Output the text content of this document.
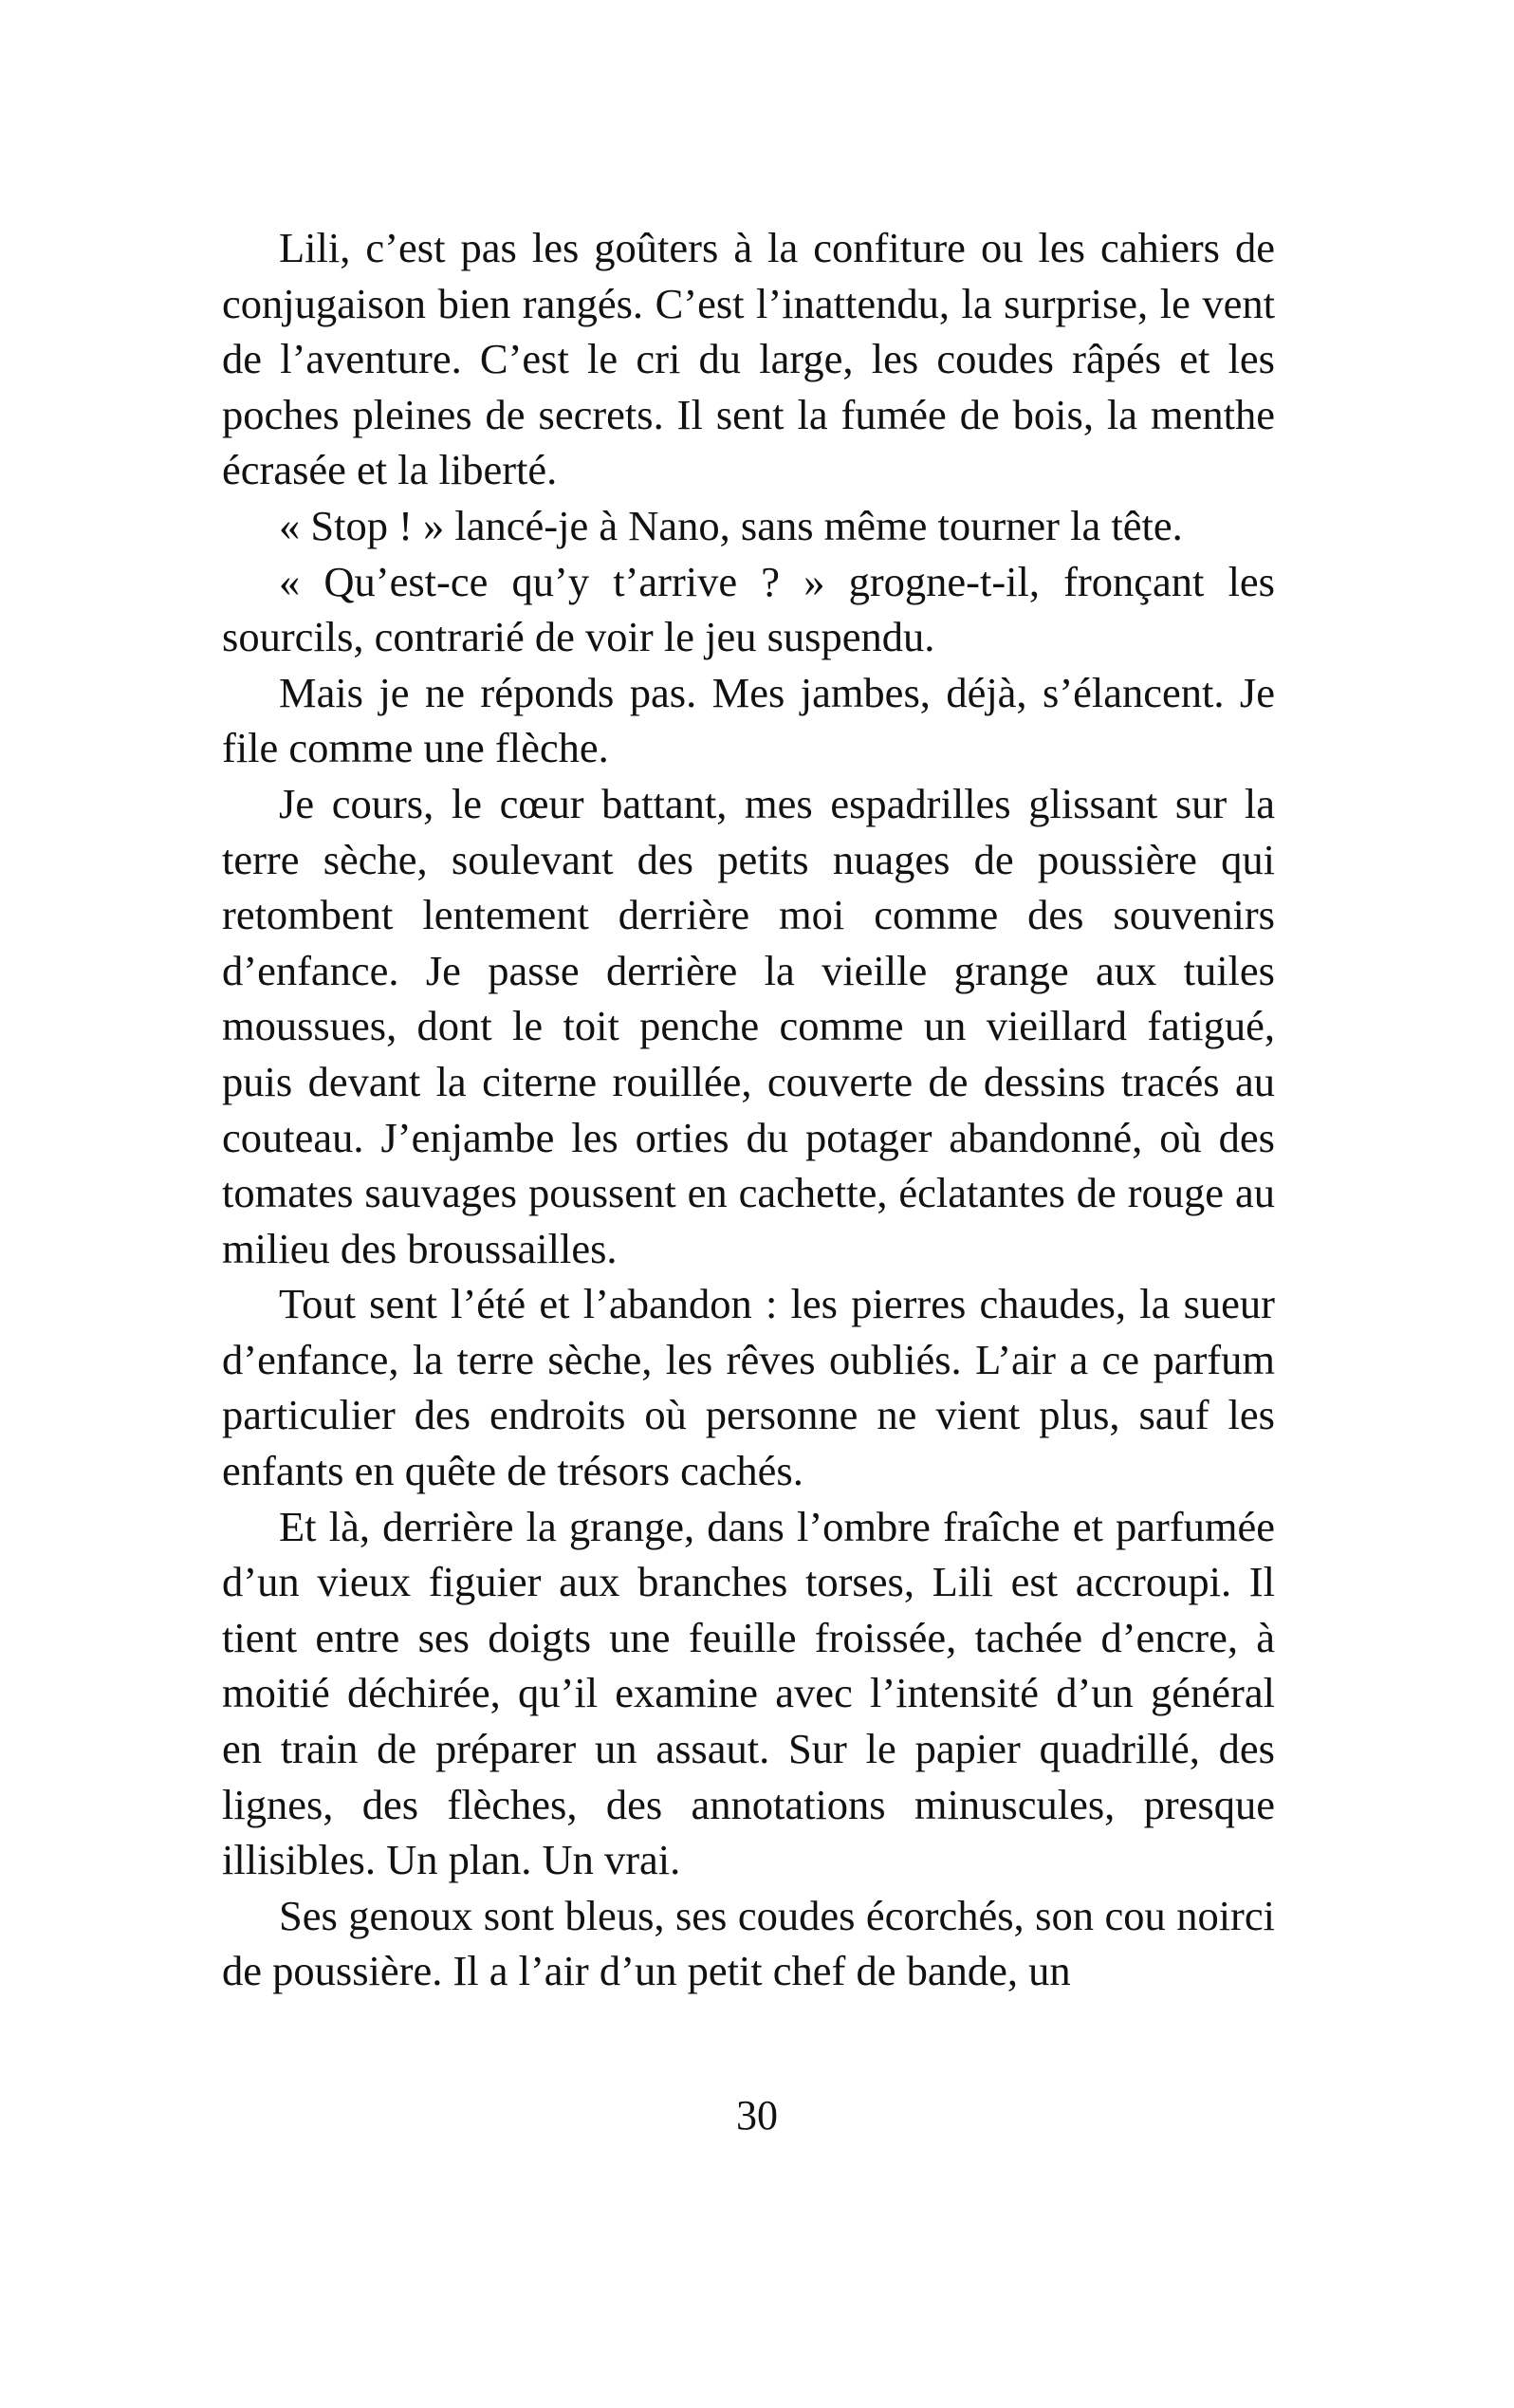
Lili, c’est pas les goûters à la confiture ou les cahiers de conjugaison bien rangés. C’est l’inattendu, la surprise, le vent de l’aventure. C’est le cri du large, les coudes râpés et les poches pleines de secrets. Il sent la fumée de bois, la menthe écrasée et la liberté.

« Stop ! » lancé-je à Nano, sans même tourner la tête.

« Qu’est-ce qu’y t’arrive ? » grogne-t-il, fronçant les sourcils, contrarié de voir le jeu suspendu.

Mais je ne réponds pas. Mes jambes, déjà, s’élancent. Je file comme une flèche.

Je cours, le cœur battant, mes espadrilles glissant sur la terre sèche, soulevant des petits nuages de poussière qui retombent lentement derrière moi comme des souvenirs d’enfance. Je passe derrière la vieille grange aux tuiles moussues, dont le toit penche comme un vieillard fatigué, puis devant la citerne rouillée, couverte de dessins tracés au couteau. J’enjambe les orties du potager abandonné, où des tomates sauvages poussent en cachette, éclatantes de rouge au milieu des broussailles.

Tout sent l’été et l’abandon : les pierres chaudes, la sueur d’enfance, la terre sèche, les rêves oubliés. L’air a ce parfum particulier des endroits où personne ne vient plus, sauf les enfants en quête de trésors cachés.

Et là, derrière la grange, dans l’ombre fraîche et parfumée d’un vieux figuier aux branches torses, Lili est accroupi. Il tient entre ses doigts une feuille froissée, tachée d’encre, à moitié déchirée, qu’il examine avec l’intensité d’un général en train de préparer un assaut. Sur le papier quadrillé, des lignes, des flèches, des annotations minuscules, presque illisibles. Un plan. Un vrai.

Ses genoux sont bleus, ses coudes écorchés, son cou noirci de poussière. Il a l’air d’un petit chef de bande, un

30
